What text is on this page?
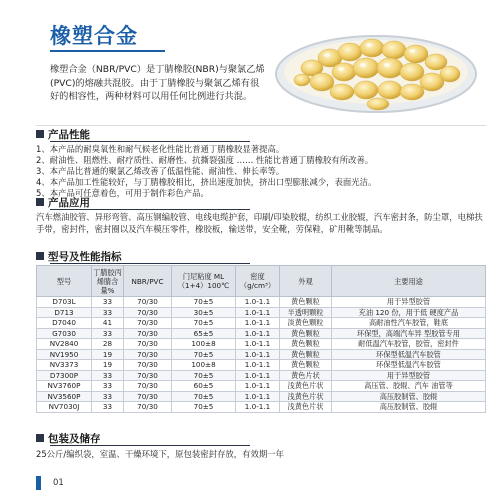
橡塑合金
橡塑合金（NBR/PVC）是丁腈橡胶(NBR)与聚氯乙烯(PVC)的熔融共混胶。由于丁腈橡胶与聚氯乙烯有很好的相容性，两种材料可以用任何比例进行共混。
产品性能
1、本产品的耐臭氧性和耐气候老化性能比普通丁腈橡胶显著提高。
2、耐油性、阻燃性、耐疗质性、耐磨性、抗撕裂强度 …… 性能比普通丁腈橡胶有所改善。
3、本产品比普通的聚氯乙烯改善了低温性能、耐油性、伸长率等。
4、本产品加工性能较好，与丁腈橡胶相比，挤出速度加快，挤出口型膨胀减少，表面光洁。
5、本产品可任意着色，可用于制作彩色产品。
产品应用
汽车燃油胶管、异形弯管、高压钢编胶管、电线电缆护套，印刷/印染胶辊，纺织工业胶辊，汽车密封条，防尘罩，电梯扶手带，密封件，密封圈以及汽车模压零件，橡胶板，输送带，安全靴，劳保鞋，矿用靴等制品。
型号及性能指标
型号	丁腈胶丙烯腈含量%	NBR/PVC	门尼粘度 ML（1+4）100℃	密度（g/cm³）	外观	主要用途
D703L	33	70/30	70±5	1.0-1.1	黄色颗粒	用于异型胶管
D713	33	70/30	30±5	1.0-1.1	半透明颗粒	充油 120 份，用于低 硬度产品
D7040	41	70/30	70±5	1.0-1.1	淡黄色颗粒	高耐油性汽车胶管，鞋底
G7030	33	70/30	65±5	1.0-1.1	黄色颗粒	环保型，高端汽车异 型胶管专用
NV2840	28	70/30	100±8	1.0-1.1	黄色颗粒	耐低温汽车胶管，胶管，密封件
NV1950	19	70/30	70±5	1.0-1.1	黄色颗粒	环保型低温汽车胶管
NV3373	19	70/30	100±8	1.0-1.1	黄色颗粒	环保型低温汽车胶管
D7300P	33	70/30	70±5	1.0-1.1	黄色片状	用于异型胶管
NV3760P	33	70/30	60±5	1.0-1.1	浅黄色片状	高压管、胶辊、汽车 油管等
NV3560P	33	70/30	70±5	1.0-1.1	浅黄色片状	高压胶制管、胶辊
NV7030J	33	70/30	70±5	1.0-1.1	浅黄色片状	高压胶制管、胶辊
包装及储存
25公斤/编织袋，室温、干燥环境下，原包装密封存放，有效期一年
01
